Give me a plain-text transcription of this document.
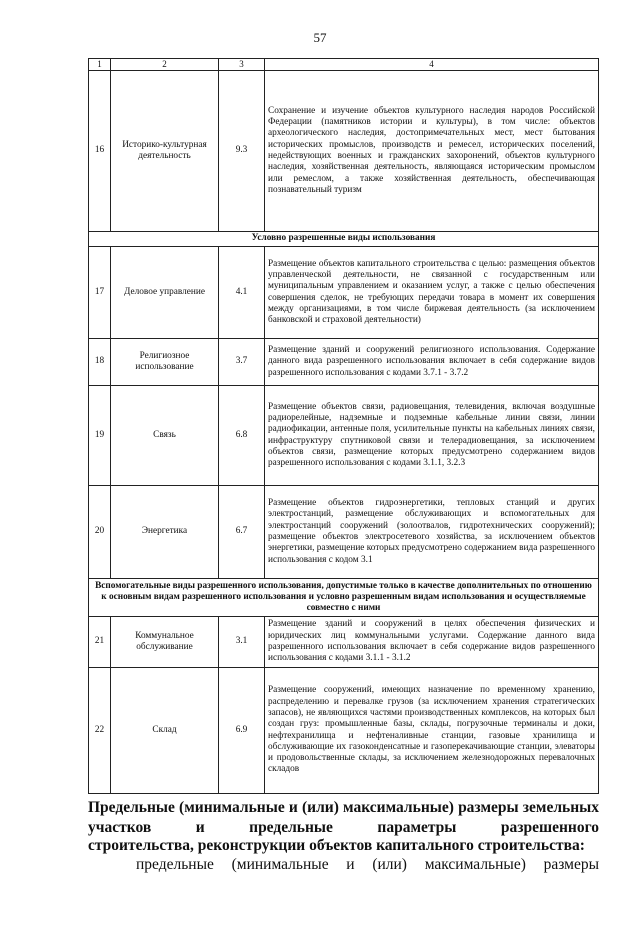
57
1	2	3	4
16	Историко-культурная деятельность	9.3	Сохранение и изучение объектов культурного наследия народов Российской Федерации (памятников истории и культуры), в том числе: объектов археологического наследия, достопримечательных мест, мест бытования исторических промыслов, производств и ремесел, исторических поселений, недействующих военных и гражданских захоронений, объектов культурного наследия, хозяйственная деятельность, являющаяся историческим промыслом или ремеслом, а также хозяйственная деятельность, обеспечивающая познавательный туризм
Условно разрешенные виды использования			
17	Деловое управление	4.1	Размещение объектов капитального строительства с целью: размещения объектов управленческой деятельности, не связанной с государственным или муниципальным управлением и оказанием услуг, а также с целью обеспечения совершения сделок, не требующих передачи товара в момент их совершения между организациями, в том числе биржевая деятельность (за исключением банковской и страховой деятельности)
18	Религиозное использование	3.7	Размещение зданий и сооружений религиозного использования. Содержание данного вида разрешенного использования включает в себя содержание видов разрешенного использования с кодами 3.7.1 - 3.7.2
19	Связь	6.8	Размещение объектов связи, радиовещания, телевидения, включая воздушные радиорелейные, надземные и подземные кабельные линии связи, линии радиофикации, антенные поля, усилительные пункты на кабельных линиях связи, инфраструктуру спутниковой связи и телерадиовещания, за исключением объектов связи, размещение которых предусмотрено содержанием видов разрешенного использования с кодами 3.1.1, 3.2.3
20	Энергетика	6.7	Размещение объектов гидроэнергетики, тепловых станций и других электростанций, размещение обслуживающих и вспомогательных для электростанций сооружений (золоотвалов, гидротехнических сооружений); размещение объектов электросетевого хозяйства, за исключением объектов энергетики, размещение которых предусмотрено содержанием вида разрешенного использования с кодом 3.1
Вспомогательные виды разрешенного использования, допустимые только в качестве дополнительных по отношению к основным видам разрешенного использования и условно разрешенным видам использования и осуществляемые совместно с ними			
21	Коммунальное обслуживание	3.1	Размещение зданий и сооружений в целях обеспечения физических и юридических лиц коммунальными услугами. Содержание данного вида разрешенного использования включает в себя содержание видов разрешенного использования с кодами 3.1.1 - 3.1.2
22	Склад	6.9	Размещение сооружений, имеющих назначение по временному хранению, распределению и перевалке грузов (за исключением хранения стратегических запасов), не являющихся частями производственных комплексов, на которых был создан груз: промышленные базы, склады, погрузочные терминалы и доки, нефтехранилища и нефтеналивные станции, газовые хранилища и обслуживающие их газоконденсатные и газоперекачивающие станции, элеваторы и продовольственные склады, за исключением железнодорожных перевалочных складов
Предельные (минимальные и (или) максимальные) размеры земельных участков и предельные параметры разрешенного
строительства, реконструкции объектов капитального строительства:
предельные (минимальные и (или) максимальные) размеры
